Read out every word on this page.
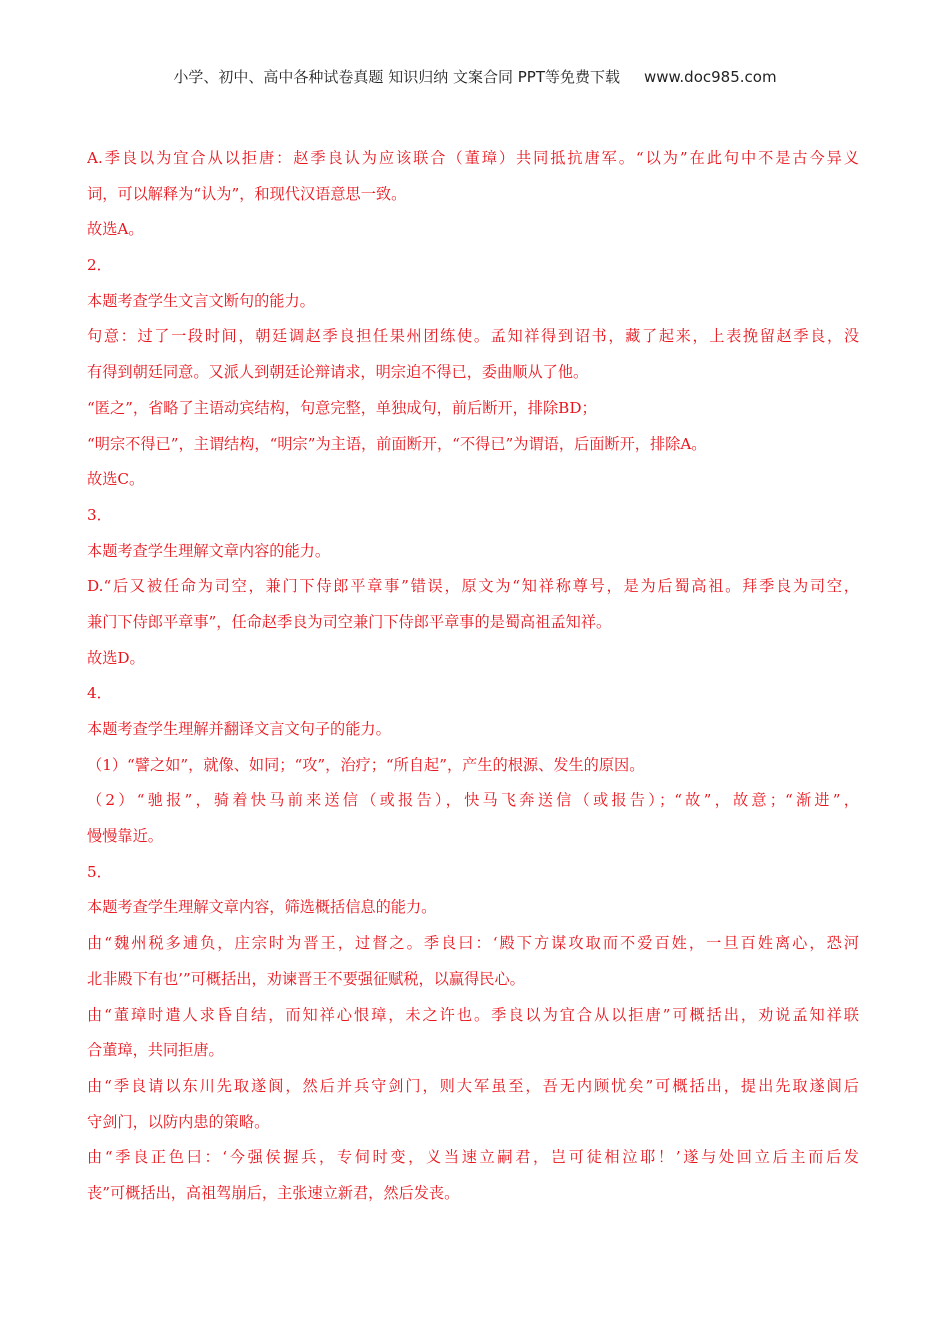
小学、初中、高中各种试卷真题 知识归纳 文案合同 PPT等免费下载 www.doc985.com
A.季良以为宜合从以拒唐：赵季良认为应该联合（董璋）共同抵抗唐军。“以为”在此句中不是古今异义
词，可以解释为“认为”，和现代汉语意思一致。
故选A。
2．
本题考查学生文言文断句的能力。
句意：过了一段时间，朝廷调赵季良担任果州团练使。孟知祥得到诏书，藏了起来，上表挽留赵季良，没
有得到朝廷同意。又派人到朝廷论辩请求，明宗迫不得已，委曲顺从了他。
“匿之”，省略了主语动宾结构，句意完整，单独成句，前后断开，排除BD；
“明宗不得已”，主谓结构，“明宗”为主语，前面断开，“不得已”为谓语，后面断开，排除A。
故选C。
3．
本题考查学生理解文章内容的能力。
D.“后又被任命为司空，兼门下侍郎平章事”错误，原文为“知祥称尊号，是为后蜀高祖。拜季良为司空，
兼门下侍郎平章事”，任命赵季良为司空兼门下侍郎平章事的是蜀高祖孟知祥。
故选D。
4．
本题考查学生理解并翻译文言文句子的能力。
（1）“譬之如”，就像、如同；“攻”，治疗；“所自起”，产生的根源、发生的原因。
（2）“驰报”，骑着快马前来送信（或报告），快马飞奔送信（或报告）；“故”，故意；“渐进”，
慢慢靠近。
5．
本题考查学生理解文章内容，筛选概括信息的能力。
由“魏州税多逋负，庄宗时为晋王，过督之。季良曰：‘殿下方谋攻取而不爱百姓，一旦百姓离心，恐河
北非殿下有也’”可概括出，劝谏晋王不要强征赋税，以赢得民心。
由“董璋时遣人求昏自结，而知祥心恨璋，未之许也。季良以为宜合从以拒唐”可概括出，劝说孟知祥联
合董璋，共同拒唐。
由“季良请以东川先取遂阆，然后并兵守剑门，则大军虽至，吾无内顾忧矣”可概括出，提出先取遂阆后
守剑门，以防内患的策略。
由“季良正色曰：‘今强侯握兵，专伺时变，义当速立嗣君，岂可徒相泣耶！’遂与处回立后主而后发
丧”可概括出，高祖驾崩后，主张速立新君，然后发丧。
